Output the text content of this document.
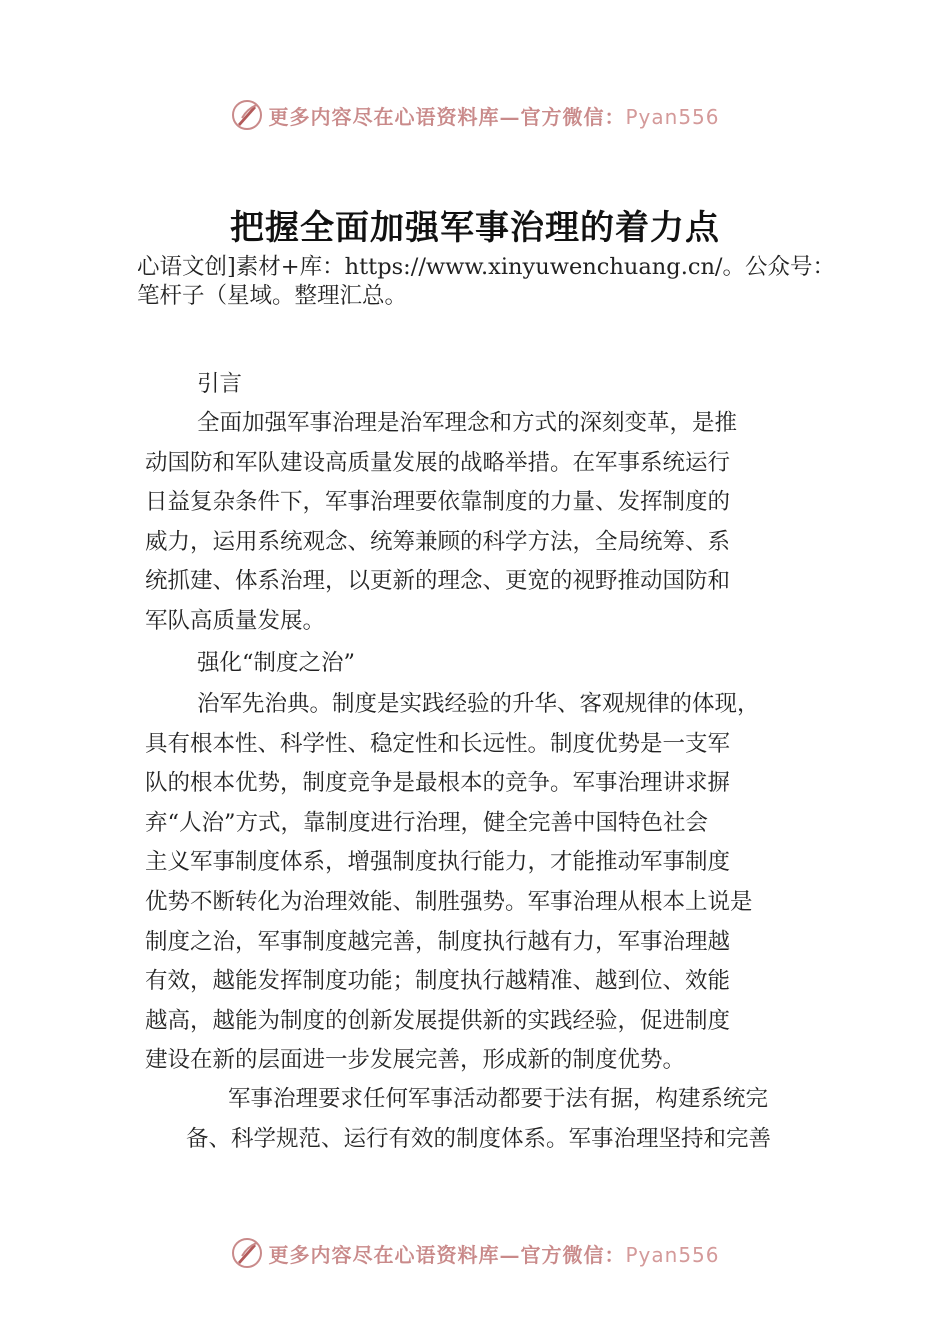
更多内容尽在心语资料库—官方微信：Pyan556
把握全面加强军事治理的着力点
心语文创]素材+库：https://www.xinyuwenchuang.cn/。公众号：笔杆子（星域。整理汇总。
引言
全面加强军事治理是治军理念和方式的深刻变革，是推
动国防和军队建设高质量发展的战略举措。在军事系统运行
日益复杂条件下，军事治理要依靠制度的力量、发挥制度的
威力，运用系统观念、统筹兼顾的科学方法，全局统筹、系
统抓建、体系治理，以更新的理念、更宽的视野推动国防和
军队高质量发展。
强化“制度之治”
治军先治典。制度是实践经验的升华、客观规律的体现，
具有根本性、科学性、稳定性和长远性。制度优势是一支军
队的根本优势，制度竞争是最根本的竞争。军事治理讲求摒
弃“人治”方式，靠制度进行治理，健全完善中国特色社会
主义军事制度体系，增强制度执行能力，才能推动军事制度
优势不断转化为治理效能、制胜强势。军事治理从根本上说是
制度之治，军事制度越完善，制度执行越有力，军事治理越
有效，越能发挥制度功能；制度执行越精准、越到位、效能
越高，越能为制度的创新发展提供新的实践经验，促进制度
建设在新的层面进一步发展完善，形成新的制度优势。
军事治理要求任何军事活动都要于法有据，构建系统完
备、科学规范、运行有效的制度体系。军事治理坚持和完善
更多内容尽在心语资料库—官方微信：Pyan556
